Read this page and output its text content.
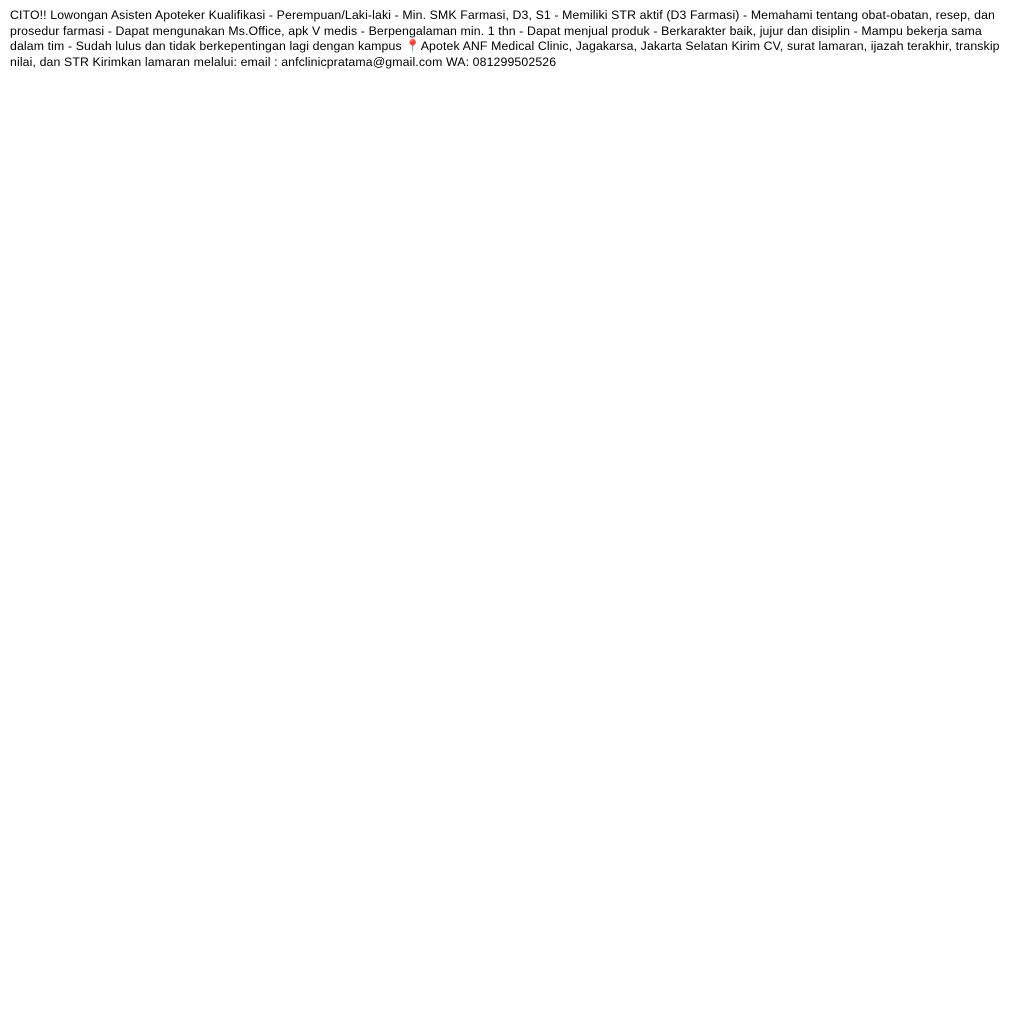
CITO!! Lowongan Asisten Apoteker Kualifikasi - Perempuan/Laki-laki - Min. SMK Farmasi, D3, S1 - Memiliki STR aktif (D3 Farmasi) - Memahami tentang obat-obatan, resep, dan prosedur farmasi - Dapat mengunakan Ms.Office, apk V medis - Berpengalaman min. 1 thn - Dapat menjual produk - Berkarakter baik, jujur dan disiplin - Mampu bekerja sama dalam tim - Sudah lulus dan tidak berkepentingan lagi dengan kampus 📍Apotek ANF Medical Clinic, Jagakarsa, Jakarta Selatan Kirim CV, surat lamaran, ijazah terakhir, transkip nilai, dan STR Kirimkan lamaran melalui: email : anfclinicpratama@gmail.com WA: 081299502526
